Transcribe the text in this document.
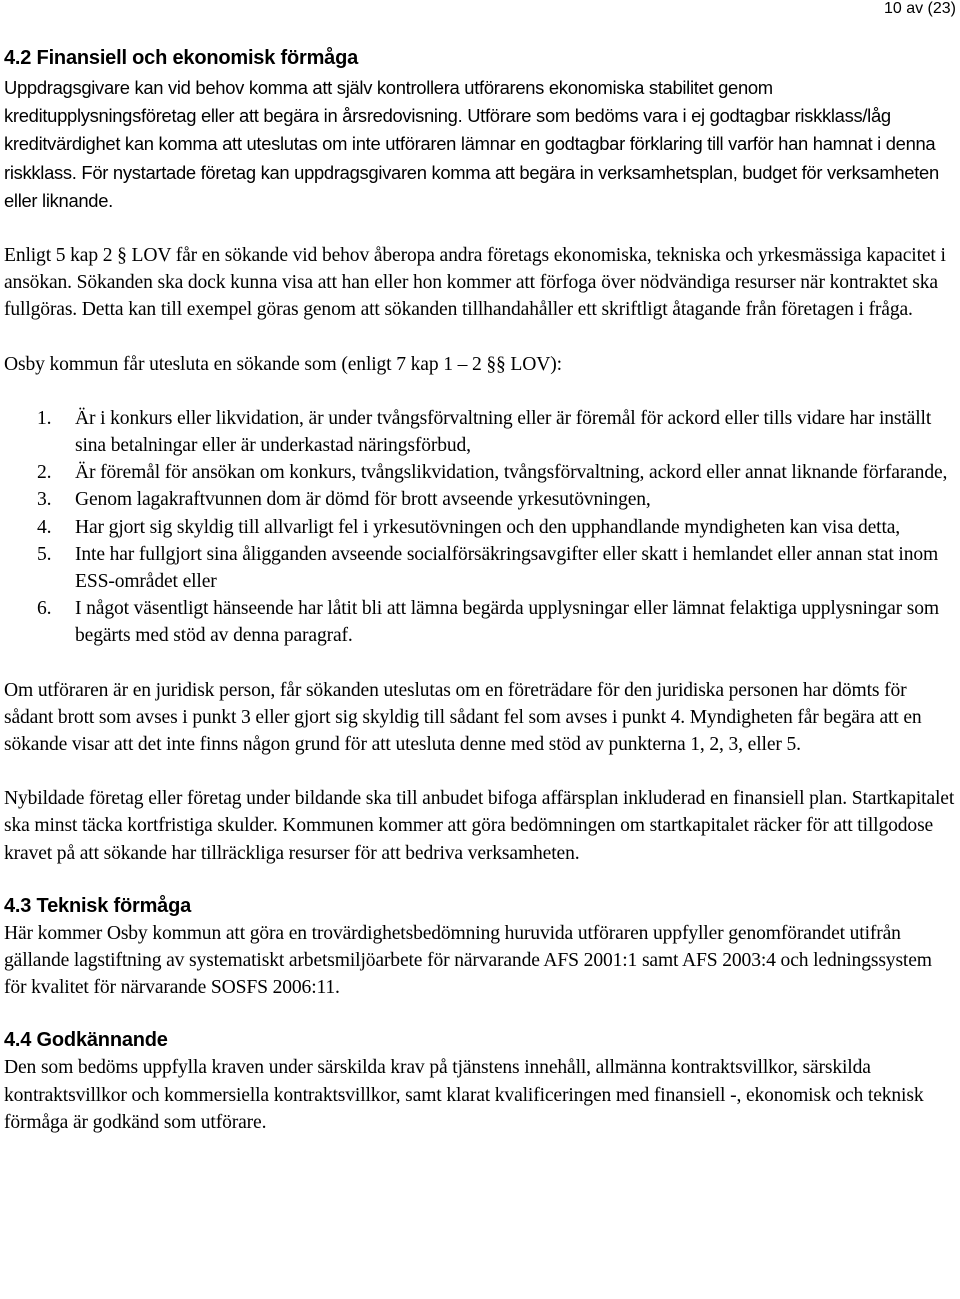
10 av (23)
4.2 Finansiell och ekonomisk förmåga

Uppdragsgivare kan vid behov komma att själv kontrollera utförarens ekonomiska stabilitet genom kreditupplysningsföretag eller att begära in årsredovisning. Utförare som bedöms vara i ej godtagbar riskklass/låg kreditvärdighet kan komma att uteslutas om inte utföraren lämnar en godtagbar förklaring till varför han hamnat i denna riskklass. För nystartade företag kan uppdragsgivaren komma att begära in verksamhetsplan, budget för verksamheten eller liknande.

Enligt 5 kap 2 § LOV får en sökande vid behov åberopa andra företags ekonomiska, tekniska och yrkesmässiga kapacitet i ansökan. Sökanden ska dock kunna visa att han eller hon kommer att förfoga över nödvändiga resurser när kontraktet ska fullgöras. Detta kan till exempel göras genom att sökanden tillhandahåller ett skriftligt åtagande från företagen i fråga.

Osby kommun får utesluta en sökande som (enligt 7 kap 1 – 2 §§ LOV):

1. Är i konkurs eller likvidation, är under tvångsförvaltning eller är föremål för ackord eller tills vidare har inställt sina betalningar eller är underkastad näringsförbud,
2. Är föremål för ansökan om konkurs, tvångslikvidation, tvångsförvaltning, ackord eller annat liknande förfarande,
3. Genom lagakraftvunnen dom är dömd för brott avseende yrkesutövningen,
4. Har gjort sig skyldig till allvarligt fel i yrkesutövningen och den upphandlande myndigheten kan visa detta,
5. Inte har fullgjort sina åligganden avseende socialförsäkringsavgifter eller skatt i hemlandet eller annan stat inom ESS-området eller
6. I något väsentligt hänseende har låtit bli att lämna begärda upplysningar eller lämnat felaktiga upplysningar som begärts med stöd av denna paragraf.

Om utföraren är en juridisk person, får sökanden uteslutas om en företrädare för den juridiska personen har dömts för sådant brott som avses i punkt 3 eller gjort sig skyldig till sådant fel som avses i punkt 4. Myndigheten får begära att en sökande visar att det inte finns någon grund för att utesluta denne med stöd av punkterna 1, 2, 3, eller 5.

Nybildade företag eller företag under bildande ska till anbudet bifoga affärsplan inkluderad en finansiell plan. Startkapitalet ska minst täcka kortfristiga skulder. Kommunen kommer att göra bedömningen om startkapitalet räcker för att tillgodose kravet på att sökande har tillräckliga resurser för att bedriva verksamheten.

4.3 Teknisk förmåga

Här kommer Osby kommun att göra en trovärdighetsbedömning huruvida utföraren uppfyller genomförandet utifrån gällande lagstiftning av systematiskt arbetsmiljöarbete för närvarande AFS 2001:1 samt AFS 2003:4 och ledningssystem för kvalitet för närvarande SOSFS 2006:11.

4.4 Godkännande

Den som bedöms uppfylla kraven under särskilda krav på tjänstens innehåll, allmänna kontraktsvillkor, särskilda kontraktsvillkor och kommersiella kontraktsvillkor, samt klarat kvalificeringen med finansiell -, ekonomisk och teknisk förmåga är godkänd som utförare.
